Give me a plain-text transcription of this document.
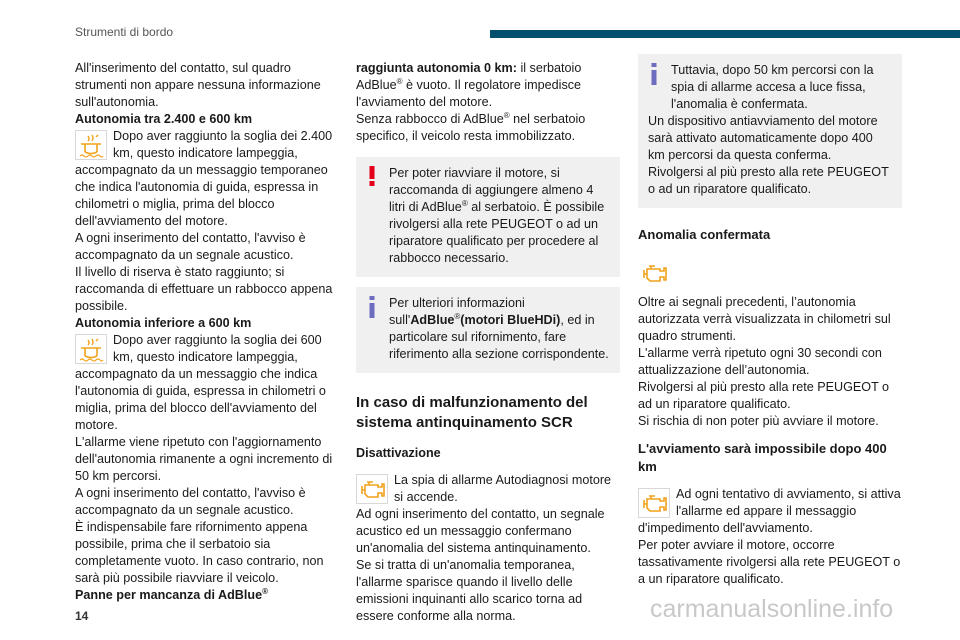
Strumenti di bordo

All'inserimento del contatto, sul quadro strumenti non appare nessuna informazione sull'autonomia.

Autonomia tra 2.400 e 600 km

Dopo aver raggiunto la soglia dei 2.400 km, questo indicatore lampeggia,

accompagnato da un messaggio temporaneo che indica l'autonomia di guida, espressa in chilometri o miglia, prima del blocco dell'avviamento del motore.

A ogni inserimento del contatto, l'avviso è accompagnato da un segnale acustico.

Il livello di riserva è stato raggiunto; si raccomanda di effettuare un rabbocco appena possibile.

Autonomia inferiore a 600 km

Dopo aver raggiunto la soglia dei 600 km, questo indicatore lampeggia,

accompagnato da un messaggio che indica l'autonomia di guida, espressa in chilometri o miglia, prima del blocco dell'avviamento del motore.

L'allarme viene ripetuto con l'aggiornamento dell'autonomia rimanente a ogni incremento di 50 km percorsi.

A ogni inserimento del contatto, l'avviso è accompagnato da un segnale acustico.

È indispensabile fare rifornimento appena possibile, prima che il serbatoio sia completamente vuoto. In caso contrario, non sarà più possibile riavviare il veicolo.

Panne per mancanza di AdBlue®

raggiunta autonomia 0 km: il serbatoio AdBlue® è vuoto. Il regolatore impedisce l'avviamento del motore.

Senza rabbocco di AdBlue® nel serbatoio specifico, il veicolo resta immobilizzato.

Per poter riavviare il motore, si raccomanda di aggiungere almeno 4 litri di AdBlue® al serbatoio. È possibile rivolgersi alla rete PEUGEOT o ad un riparatore qualificato per procedere al rabbocco necessario.

Per ulteriori informazioni sull'AdBlue®(motori BlueHDi), ed in particolare sul rifornimento, fare riferimento alla sezione corrispondente.

In caso di malfunzionamento del sistema antinquinamento SCR
Disattivazione

La spia di allarme Autodiagnosi motore si accende.

Ad ogni inserimento del contatto, un segnale acustico ed un messaggio confermano un'anomalia del sistema antinquinamento.

Se si tratta di un'anomalia temporanea, l'allarme sparisce quando il livello delle emissioni inquinanti allo scarico torna ad essere conforme alla norma.

Tuttavia, dopo 50 km percorsi con la spia di allarme accesa a luce fissa, l'anomalia è confermata.

Un dispositivo antiavviamento del motore sarà attivato automaticamente dopo 400 km percorsi da questa conferma.

Rivolgersi al più presto alla rete PEUGEOT o ad un riparatore qualificato.

Anomalia confermata

Oltre ai segnali precedenti, l’autonomia autorizzata verrà visualizzata in chilometri sul quadro strumenti.

L'allarme verrà ripetuto ogni 30 secondi con attualizzazione dell’autonomia.

Rivolgersi al più presto alla rete PEUGEOT o ad un riparatore qualificato.

Si rischia di non poter più avviare il motore.

L'avviamento sarà impossibile dopo 400 km

Ad ogni tentativo di avviamento, si attiva l'allarme ed appare il messaggio

d'impedimento dell'avviamento.

Per poter avviare il motore, occorre tassativamente rivolgersi alla rete PEUGEOT o a un riparatore qualificato.

14	carmanualsonline.info
